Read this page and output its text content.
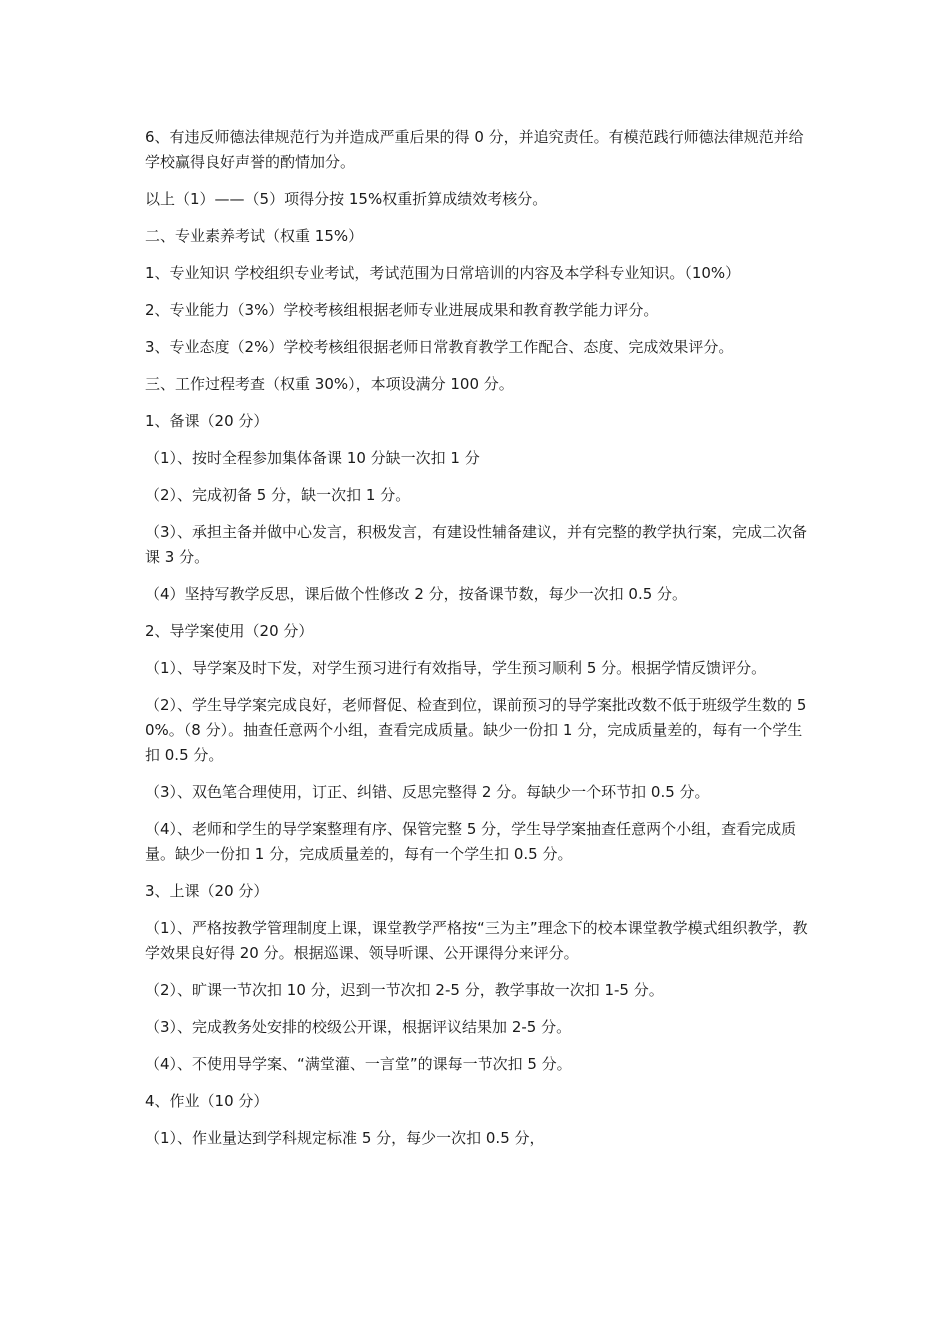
6、有违反师德法律规范行为并造成严重后果的得 0 分，并追究责任。有模范践行师德法律规范并给学校赢得良好声誉的酌情加分。

以上（1）——（5）项得分按 15%权重折算成绩效考核分。

二、专业素养考试（权重 15%）

1、专业知识 学校组织专业考试，考试范围为日常培训的内容及本学科专业知识。（10%）

2、专业能力（3%）学校考核组根据老师专业进展成果和教育教学能力评分。

3、专业态度（2%）学校考核组很据老师日常教育教学工作配合、态度、完成效果评分。

三、工作过程考查（权重 30%），本项设满分 100 分。

1、备课（20 分）

（1）、按时全程参加集体备课 10 分缺一次扣 1 分

（2）、完成初备 5 分，缺一次扣 1 分。

（3）、承担主备并做中心发言，积极发言，有建设性辅备建议，并有完整的教学执行案，完成二次备课 3 分。

（4）坚持写教学反思，课后做个性修改 2 分，按备课节数，每少一次扣 0.5 分。

2、导学案使用（20 分）

（1）、导学案及时下发，对学生预习进行有效指导，学生预习顺利 5 分。根据学情反馈评分。

（2）、学生导学案完成良好，老师督促、检查到位，课前预习的导学案批改数不低于班级学生数的 50%。（8 分）。抽查任意两个小组，查看完成质量。缺少一份扣 1 分，完成质量差的，每有一个学生扣 0.5 分。

（3）、双色笔合理使用，订正、纠错、反思完整得 2 分。每缺少一个环节扣 0.5 分。

（4）、老师和学生的导学案整理有序、保管完整 5 分，学生导学案抽查任意两个小组，查看完成质量。缺少一份扣 1 分，完成质量差的，每有一个学生扣 0.5 分。

3、上课（20 分）

（1）、严格按教学管理制度上课，课堂教学严格按“三为主”理念下的校本课堂教学模式组织教学，教学效果良好得 20 分。根据巡课、领导听课、公开课得分来评分。

（2）、旷课一节次扣 10 分，迟到一节次扣 2-5 分，教学事故一次扣 1-5 分。

（3）、完成教务处安排的校级公开课，根据评议结果加 2-5 分。

（4）、不使用导学案、“满堂灌、一言堂”的课每一节次扣 5 分。

4、作业（10 分）

（1）、作业量达到学科规定标准 5 分，每少一次扣 0.5 分，
